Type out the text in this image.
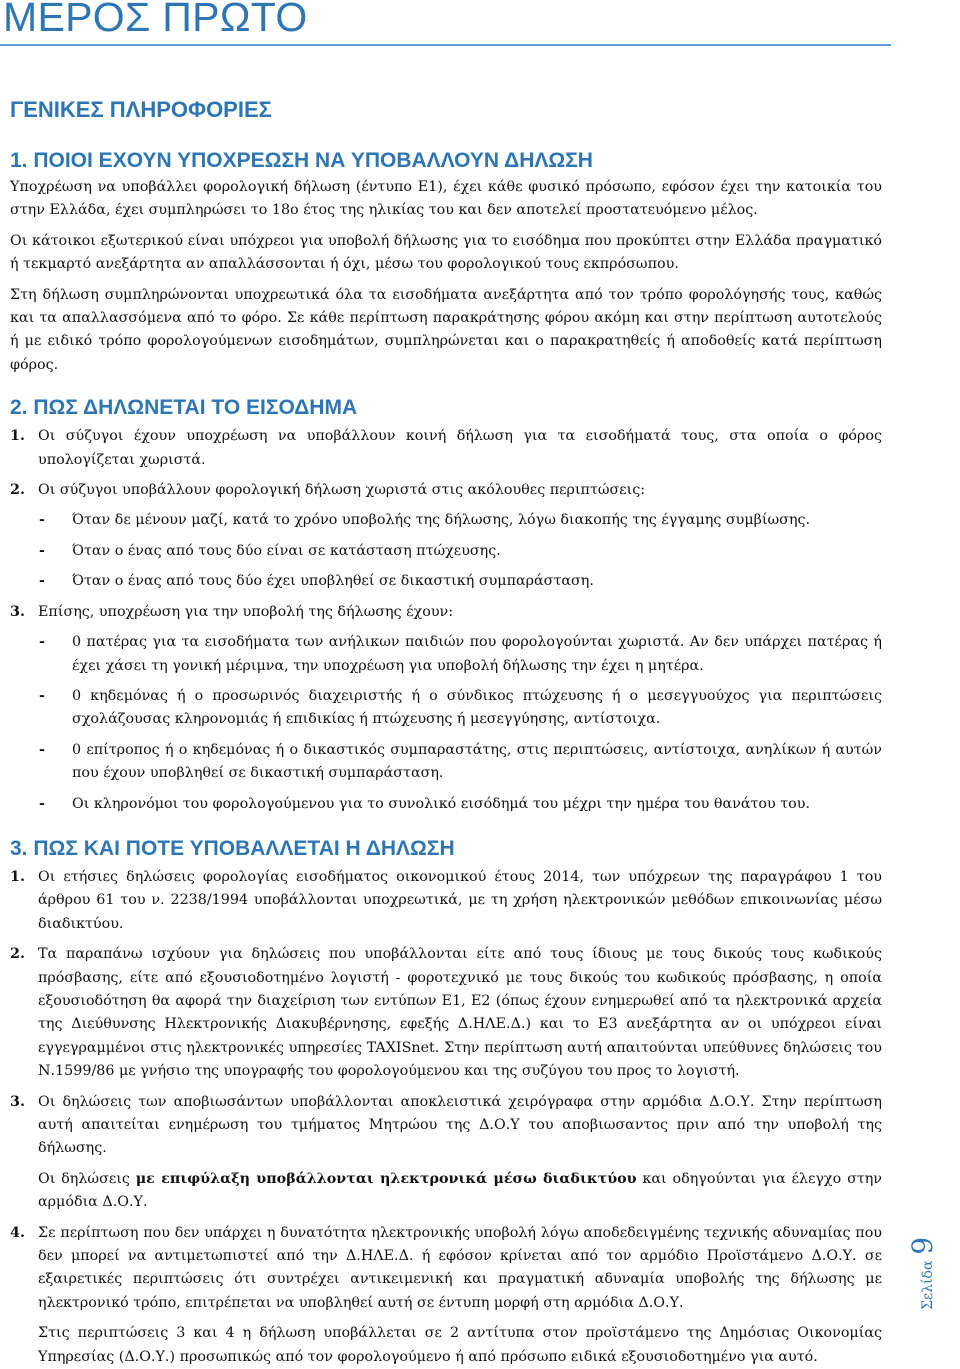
ΜΕΡΟΣ ΠΡΩΤΟ
ΓΕΝΙΚΕΣ ΠΛΗΡΟΦΟΡΙΕΣ
1. ΠΟΙΟΙ ΕΧΟΥΝ ΥΠΟΧΡΕΩΣΗ ΝΑ ΥΠΟΒΑΛΛΟΥΝ ΔΗΛΩΣΗ

Υποχρέωση να υποβάλλει φορολογική δήλωση (έντυπο Ε1), έχει κάθε φυσικό πρόσωπο, εφόσον έχει την κατοικία του στην Ελλάδα, έχει συμπληρώσει το 18ο έτος της ηλικίας του και δεν αποτελεί προστατευόμενο μέλος.

Οι κάτοικοι εξωτερικού είναι υπόχρεοι για υποβολή δήλωσης για το εισόδημα που προκύπτει στην Ελλάδα πραγματικό ή τεκμαρτό ανεξάρτητα αν απαλλάσσονται ή όχι, μέσω του φορολογικού τους εκπρόσωπου.

Στη δήλωση συμπληρώνονται υποχρεωτικά όλα τα εισοδήματα ανεξάρτητα από τον τρόπο φορολόγησής τους, καθώς και τα απαλλασσόμενα από το φόρο. Σε κάθε περίπτωση παρακράτησης φόρου ακόμη και στην περίπτωση αυτοτελούς ή με ειδικό τρόπο φορολογούμενων εισοδημάτων, συμπληρώνεται και ο παρακρατηθείς ή αποδοθείς κατά περίπτωση φόρος.

2. ΠΩΣ ΔΗΛΩΝΕΤΑΙ ΤΟ ΕΙΣΟΔΗΜΑ
1. Οι σύζυγοι έχουν υποχρέωση να υποβάλλουν κοινή δήλωση για τα εισοδήματά τους, στα οποία ο φόρος υπολογίζεται χωριστά.
2. Οι σύζυγοι υποβάλλουν φορολογική δήλωση χωριστά στις ακόλουθες περιπτώσεις:
-	Όταν δε μένουν μαζί, κατά το χρόνο υποβολής της δήλωσης, λόγω διακοπής της έγγαμης συμβίωσης.
-	Όταν ο ένας από τους δύο είναι σε κατάσταση πτώχευσης.
-	Όταν ο ένας από τους δύο έχει υποβληθεί σε δικαστική συμπαράσταση.
3. Επίσης, υποχρέωση για την υποβολή της δήλωσης έχουν:
-	0 πατέρας για τα εισοδήματα των ανήλικων παιδιών που φορολογούνται χωριστά. Αν δεν υπάρχει πατέρας ή έχει χάσει τη γονική μέριμνα, την υποχρέωση για υποβολή δήλωσης την έχει η μητέρα.
-	0 κηδεμόνας ή ο προσωρινός διαχειριστής ή ο σύνδικος πτώχευσης ή ο μεσεγγυούχος για περιπτώσεις σχολάζουσας κληρονομιάς ή επιδικίας ή πτώχευσης ή μεσεγγύησης, αντίστοιχα.
-	0 επίτροπος ή ο κηδεμόνας ή ο δικαστικός συμπαραστάτης, στις περιπτώσεις, αντίστοιχα, ανηλίκων ή αυτών που έχουν υποβληθεί σε δικαστική συμπαράσταση.
-	Οι κληρονόμοι του φορολογούμενου για το συνολικό εισόδημά του μέχρι την ημέρα του θανάτου του.
3. ΠΩΣ ΚΑΙ ΠΟΤΕ ΥΠΟΒΑΛΛΕΤΑΙ Η ΔΗΛΩΣΗ
1. Οι ετήσιες δηλώσεις φορολογίας εισοδήματος οικονομικού έτους 2014, των υπόχρεων της παραγράφου 1 του άρθρου 61 του ν. 2238/1994 υποβάλλονται υποχρεωτικά, με τη χρήση ηλεκτρονικών μεθόδων επικοινωνίας μέσω διαδικτύου.
2. Τα παραπάνω ισχύουν για δηλώσεις που υποβάλλονται είτε από τους ίδιους με τους δικούς τους κωδικούς πρόσβασης, είτε από εξουσιοδοτημένο λογιστή - φοροτεχνικό με τους δικούς του κωδικούς πρόσβασης, η οποία εξουσιοδότηση θα αφορά την διαχείριση των εντύπων Ε1, Ε2 (όπως έχουν ενημερωθεί από τα ηλεκτρονικά αρχεία της Διεύθυνσης Ηλεκτρονικής Διακυβέρνησης, εφεξής Δ.ΗΛΕ.Δ.) και το Ε3 ανεξάρτητα αν οι υπόχρεοι είναι εγγεγραμμένοι στις ηλεκτρονικές υπηρεσίες TAXISnet. Στην περίπτωση αυτή απαιτούνται υπεύθυνες δηλώσεις του Ν.1599/86 με γνήσιο της υπογραφής του φορολογούμενου και της συζύγου του προς το λογιστή.
3. Οι δηλώσεις των αποβιωσάντων υποβάλλονται αποκλειστικά χειρόγραφα στην αρμόδια Δ.Ο.Υ. Στην περίπτωση αυτή απαιτείται ενημέρωση του τμήματος Μητρώου της Δ.Ο.Υ του αποβιωσαντος πριν από την υποβολή της δήλωσης.

Οι δηλώσεις με επιφύλαξη υποβάλλονται ηλεκτρονικά μέσω διαδικτύου και οδηγούνται για έλεγχο στην αρμόδια Δ.Ο.Υ.

4. Σε περίπτωση που δεν υπάρχει η δυνατότητα ηλεκτρονικής υποβολή λόγω αποδεδειγμένης τεχνικής αδυναμίας που δεν μπορεί να αντιμετωπιστεί από την Δ.ΗΛΕ.Δ. ή εφόσον κρίνεται από τον αρμόδιο Προϊστάμενο Δ.Ο.Υ. σε εξαιρετικές περιπτώσεις ότι συντρέχει αντικειμενική και πραγματική αδυναμία υποβολής της δήλωσης με ηλεκτρονικό τρόπο, επιτρέπεται να υποβληθεί αυτή σε έντυπη μορφή στη αρμόδια Δ.Ο.Υ.

Στις περιπτώσεις 3 και 4 η δήλωση υποβάλλεται σε 2 αντίτυπα στον προϊστάμενο της Δημόσιας Οικονομίας Υπηρεσίας (Δ.Ο.Υ.) προσωπικώς από τον φορολογούμενο ή από πρόσωπο ειδικά εξουσιοδοτημένο για αυτό.

Σελίδα9
